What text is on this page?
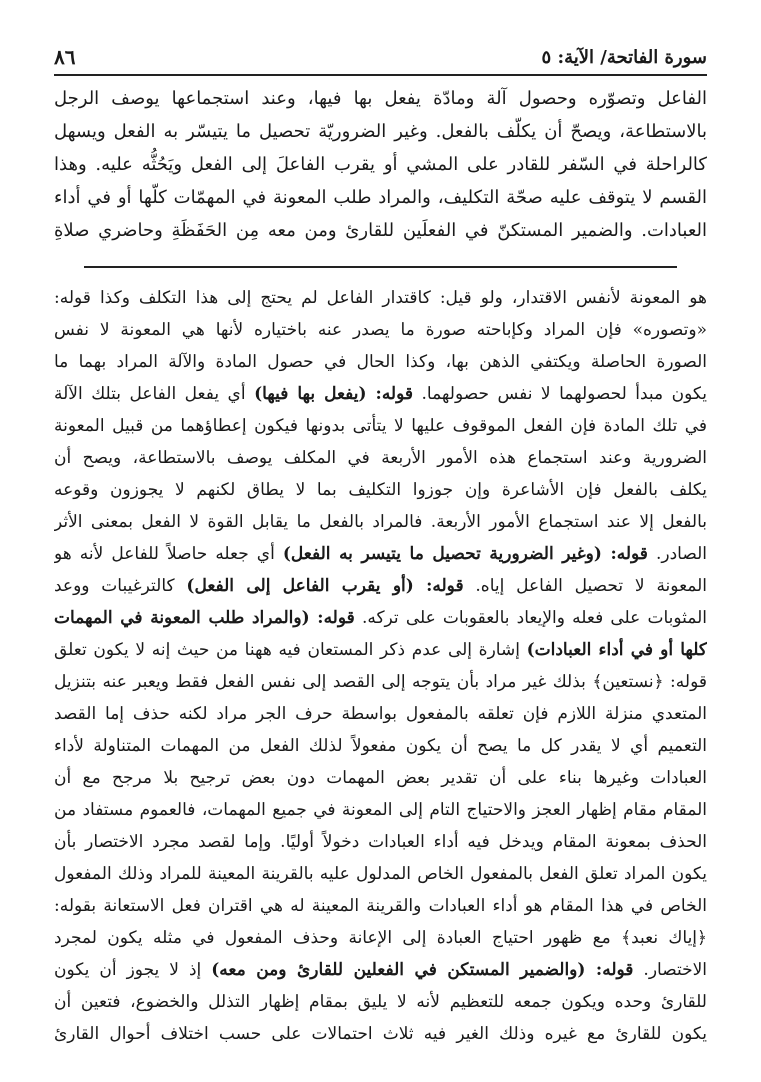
سورة الفاتحة/ الآية: ٥
٨٦

الفاعل وتصوّره وحصول آلة ومادّة يفعل بها فيها، وعند استجماعها يوصف الرجل

بالاستطاعة، ويصحّ أن يكلّف بالفعل. وغير الضروريّة تحصيل ما يتيسّر به الفعل ويسهل

كالراحلة في السّفر للقادر على المشي أو يقرب الفاعلَ إلى الفعل ويَحُثُّه عليه. وهذا

القسم لا يتوقف عليه صحّة التكليف، والمراد طلب المعونة في المهمّات كلّها أو في أداء

العبادات. والضمير المستكنّ في الفعلَين للقارئ ومن معه مِن الحَفَظَةِ وحاضري صلاةِ

هو المعونة لأنفس الاقتدار، ولو قيل: كاقتدار الفاعل لم يحتج إلى هذا التكلف وكذا قوله:
«وتصوره» فإن المراد وكإباحته صورة ما يصدر عنه باختياره لأنها هي المعونة لا نفس
الصورة الحاصلة ويكتفي الذهن بها، وكذا الحال في حصول المادة والآلة المراد بهما ما
يكون مبدأ لحصولهما لا نفس حصولهما. قوله: (يفعل بها فيها) أي يفعل الفاعل بتلك الآلة
في تلك المادة فإن الفعل الموقوف عليها لا يتأتى بدونها فيكون إعطاؤهما من قبيل المعونة
الضرورية وعند استجماع هذه الأمور الأربعة في المكلف يوصف بالاستطاعة، ويصح أن
يكلف بالفعل فإن الأشاعرة وإن جوزوا التكليف بما لا يطاق لكنهم لا يجوزون وقوعه
بالفعل إلا عند استجماع الأمور الأربعة. فالمراد بالفعل ما يقابل القوة لا الفعل بمعنى الأثر
الصادر. قوله: (وغير الضرورية تحصيل ما يتيسر به الفعل) أي جعله حاصلاً للفاعل لأنه هو
المعونة لا تحصيل الفاعل إياه. قوله: (أو يقرب الفاعل إلى الفعل) كالترغيبات ووعد
المثوبات على فعله والإيعاد بالعقوبات على تركه. قوله: (والمراد طلب المعونة في المهمات
كلها أو في أداء العبادات) إشارة إلى عدم ذكر المستعان فيه ههنا من حيث إنه لا يكون تعلق
قوله: ﴿نستعين﴾ بذلك غير مراد بأن يتوجه إلى القصد إلى نفس الفعل فقط ويعبر عنه بتنزيل
المتعدي منزلة اللازم فإن تعلقه بالمفعول بواسطة حرف الجر مراد لكنه حذف إما القصد
التعميم أي لا يقدر كل ما يصح أن يكون مفعولاً لذلك الفعل من المهمات المتناولة لأداء
العبادات وغيرها بناء على أن تقدير بعض المهمات دون بعض ترجيح بلا مرجح مع أن
المقام مقام إظهار العجز والاحتياج التام إلى المعونة في جميع المهمات، فالعموم مستفاد من
الحذف بمعونة المقام ويدخل فيه أداء العبادات دخولاً أوليًا. وإما لقصد مجرد الاختصار بأن
يكون المراد تعلق الفعل بالمفعول الخاص المدلول عليه بالقرينة المعينة للمراد وذلك المفعول
الخاص في هذا المقام هو أداء العبادات والقرينة المعينة له هي اقتران فعل الاستعانة بقوله:
﴿إياك نعبد﴾ مع ظهور احتياج العبادة إلى الإعانة وحذف المفعول في مثله يكون لمجرد
الاختصار. قوله: (والضمير المستكن في الفعلين للقارئ ومن معه) إذ لا يجوز أن يكون
للقارئ وحده ويكون جمعه للتعظيم لأنه لا يليق بمقام إظهار التذلل والخضوع، فتعين أن
يكون للقارئ مع غيره وذلك الغير فيه ثلاث احتمالات على حسب اختلاف أحوال القارئ
